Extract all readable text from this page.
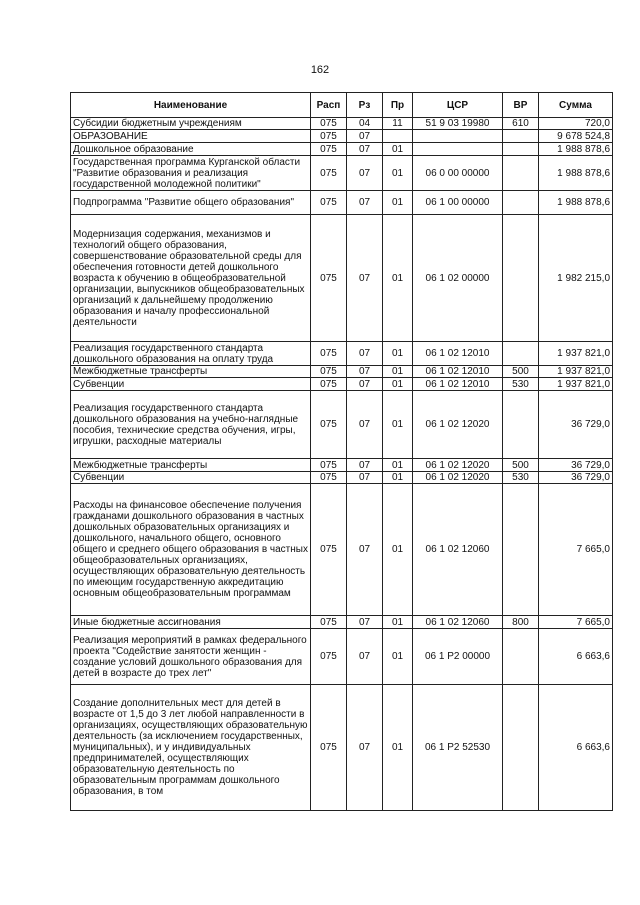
162
Наименование	Расп	Рз	Пр	ЦСР	ВР	Сумма
Субсидии бюджетным учреждениям	075	04	11	51 9 03 19980	610	720,0
ОБРАЗОВАНИЕ	075	07				9 678 524,8
Дошкольное образование	075	07	01			1 988 878,6
Государственная программа Курганской области "Развитие образования и реализация государственной молодежной политики"	075	07	01	06 0 00 00000		1 988 878,6
Подпрограмма "Развитие общего образования"	075	07	01	06 1 00 00000		1 988 878,6
Модернизация содержания, механизмов и технологий общего образования, совершенствование образовательной среды для обеспечения готовности детей дошкольного возраста к обучению в общеобразовательной организации, выпускников общеобразовательных организаций к дальнейшему продолжению образования и началу профессиональной деятельности	075	07	01	06 1 02 00000		1 982 215,0
Реализация государственного стандарта дошкольного образования на оплату труда	075	07	01	06 1 02 12010		1 937 821,0
Межбюджетные трансферты	075	07	01	06 1 02 12010	500	1 937 821,0
Субвенции	075	07	01	06 1 02 12010	530	1 937 821,0
Реализация государственного стандарта дошкольного образования на учебно-наглядные пособия, технические средства обучения, игры, игрушки, расходные материалы	075	07	01	06 1 02 12020		36 729,0
Межбюджетные трансферты	075	07	01	06 1 02 12020	500	36 729,0
Субвенции	075	07	01	06 1 02 12020	530	36 729,0
Расходы на финансовое обеспечение получения гражданами дошкольного образования в частных дошкольных образовательных организациях и дошкольного, начального общего, основного общего и среднего общего образования в частных общеобразовательных организациях, осуществляющих образовательную деятельность по имеющим государственную аккредитацию основным общеобразовательным программам	075	07	01	06 1 02 12060		7 665,0
Иные бюджетные ассигнования	075	07	01	06 1 02 12060	800	7 665,0
Реализация мероприятий в рамках федерального проекта "Содействие занятости женщин - создание условий дошкольного образования для детей в возрасте до трех лет"	075	07	01	06 1 P2 00000		6 663,6
Создание дополнительных мест для детей в возрасте от 1,5 до 3 лет любой направленности в организациях, осуществляющих образовательную деятельность (за исключением государственных, муниципальных), и у индивидуальных предпринимателей, осуществляющих образовательную деятельность по образовательным программам дошкольного образования, в том	075	07	01	06 1 P2 52530		6 663,6
